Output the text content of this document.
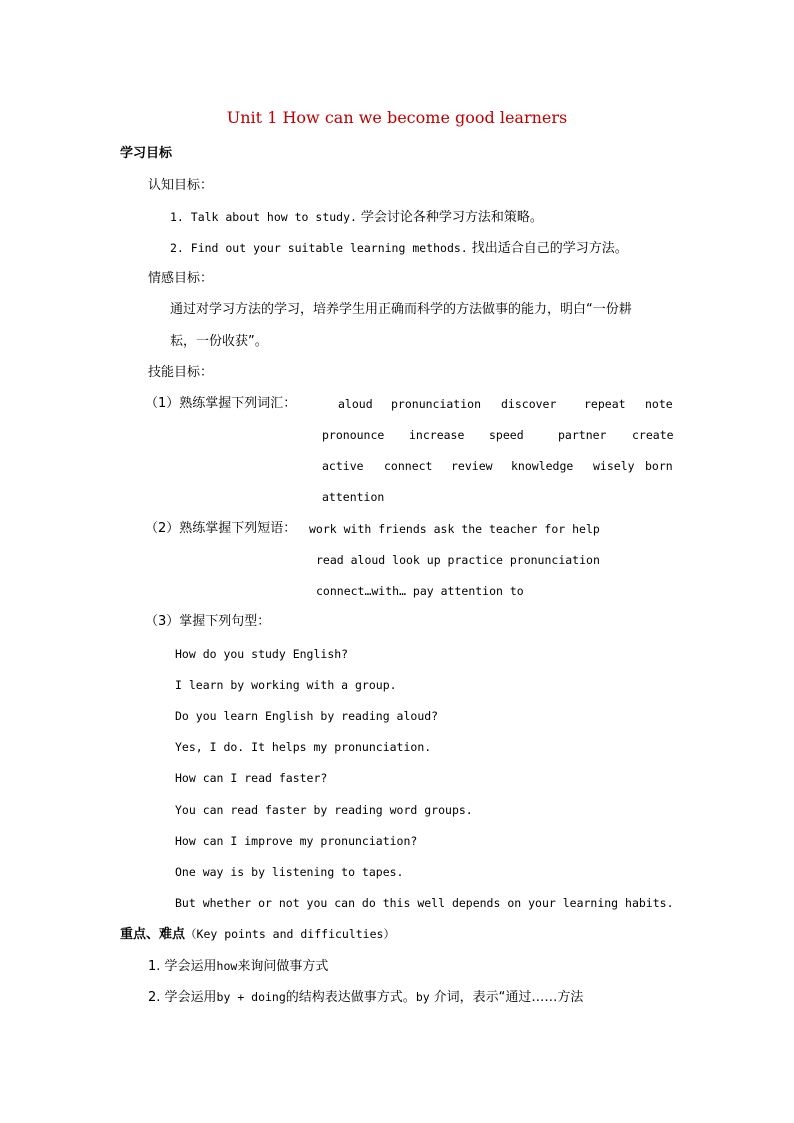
Unit 1 How can we become good learners
学习目标
认知目标：
1. Talk about how to study. 学会讨论各种学习方法和策略。
2. Find out your suitable learning methods. 找出适合自己的学习方法。
情感目标：
通过对学习方法的学习，培养学生用正确而科学的方法做事的能力，明白“一份耕
耘，一份收获”。
技能目标：
（1）熟练掌握下列词汇：	aloud pronunciation discover repeat note
pronounce increase speed	partner create
active connect review knowledge wisely born
attention
（2）熟练掌握下列短语： work with friends ask the teacher for help
read aloud look up practice pronunciation
connect…with… pay attention to
（3）掌握下列句型：
How do you study English?
I learn by working with a group.
Do you learn English by reading aloud?
Yes, I do. It helps my pronunciation.
How can I read faster?
You can read faster by reading word groups.
How can I improve my pronunciation?
One way is by listening to tapes.
But whether or not you can do this well depends on your learning habits.
重点、难点（Key points and difficulties）
1. 学会运用how来询问做事方式
2. 学会运用by + doing的结构表达做事方式。by 介词，表示“通过……方法
